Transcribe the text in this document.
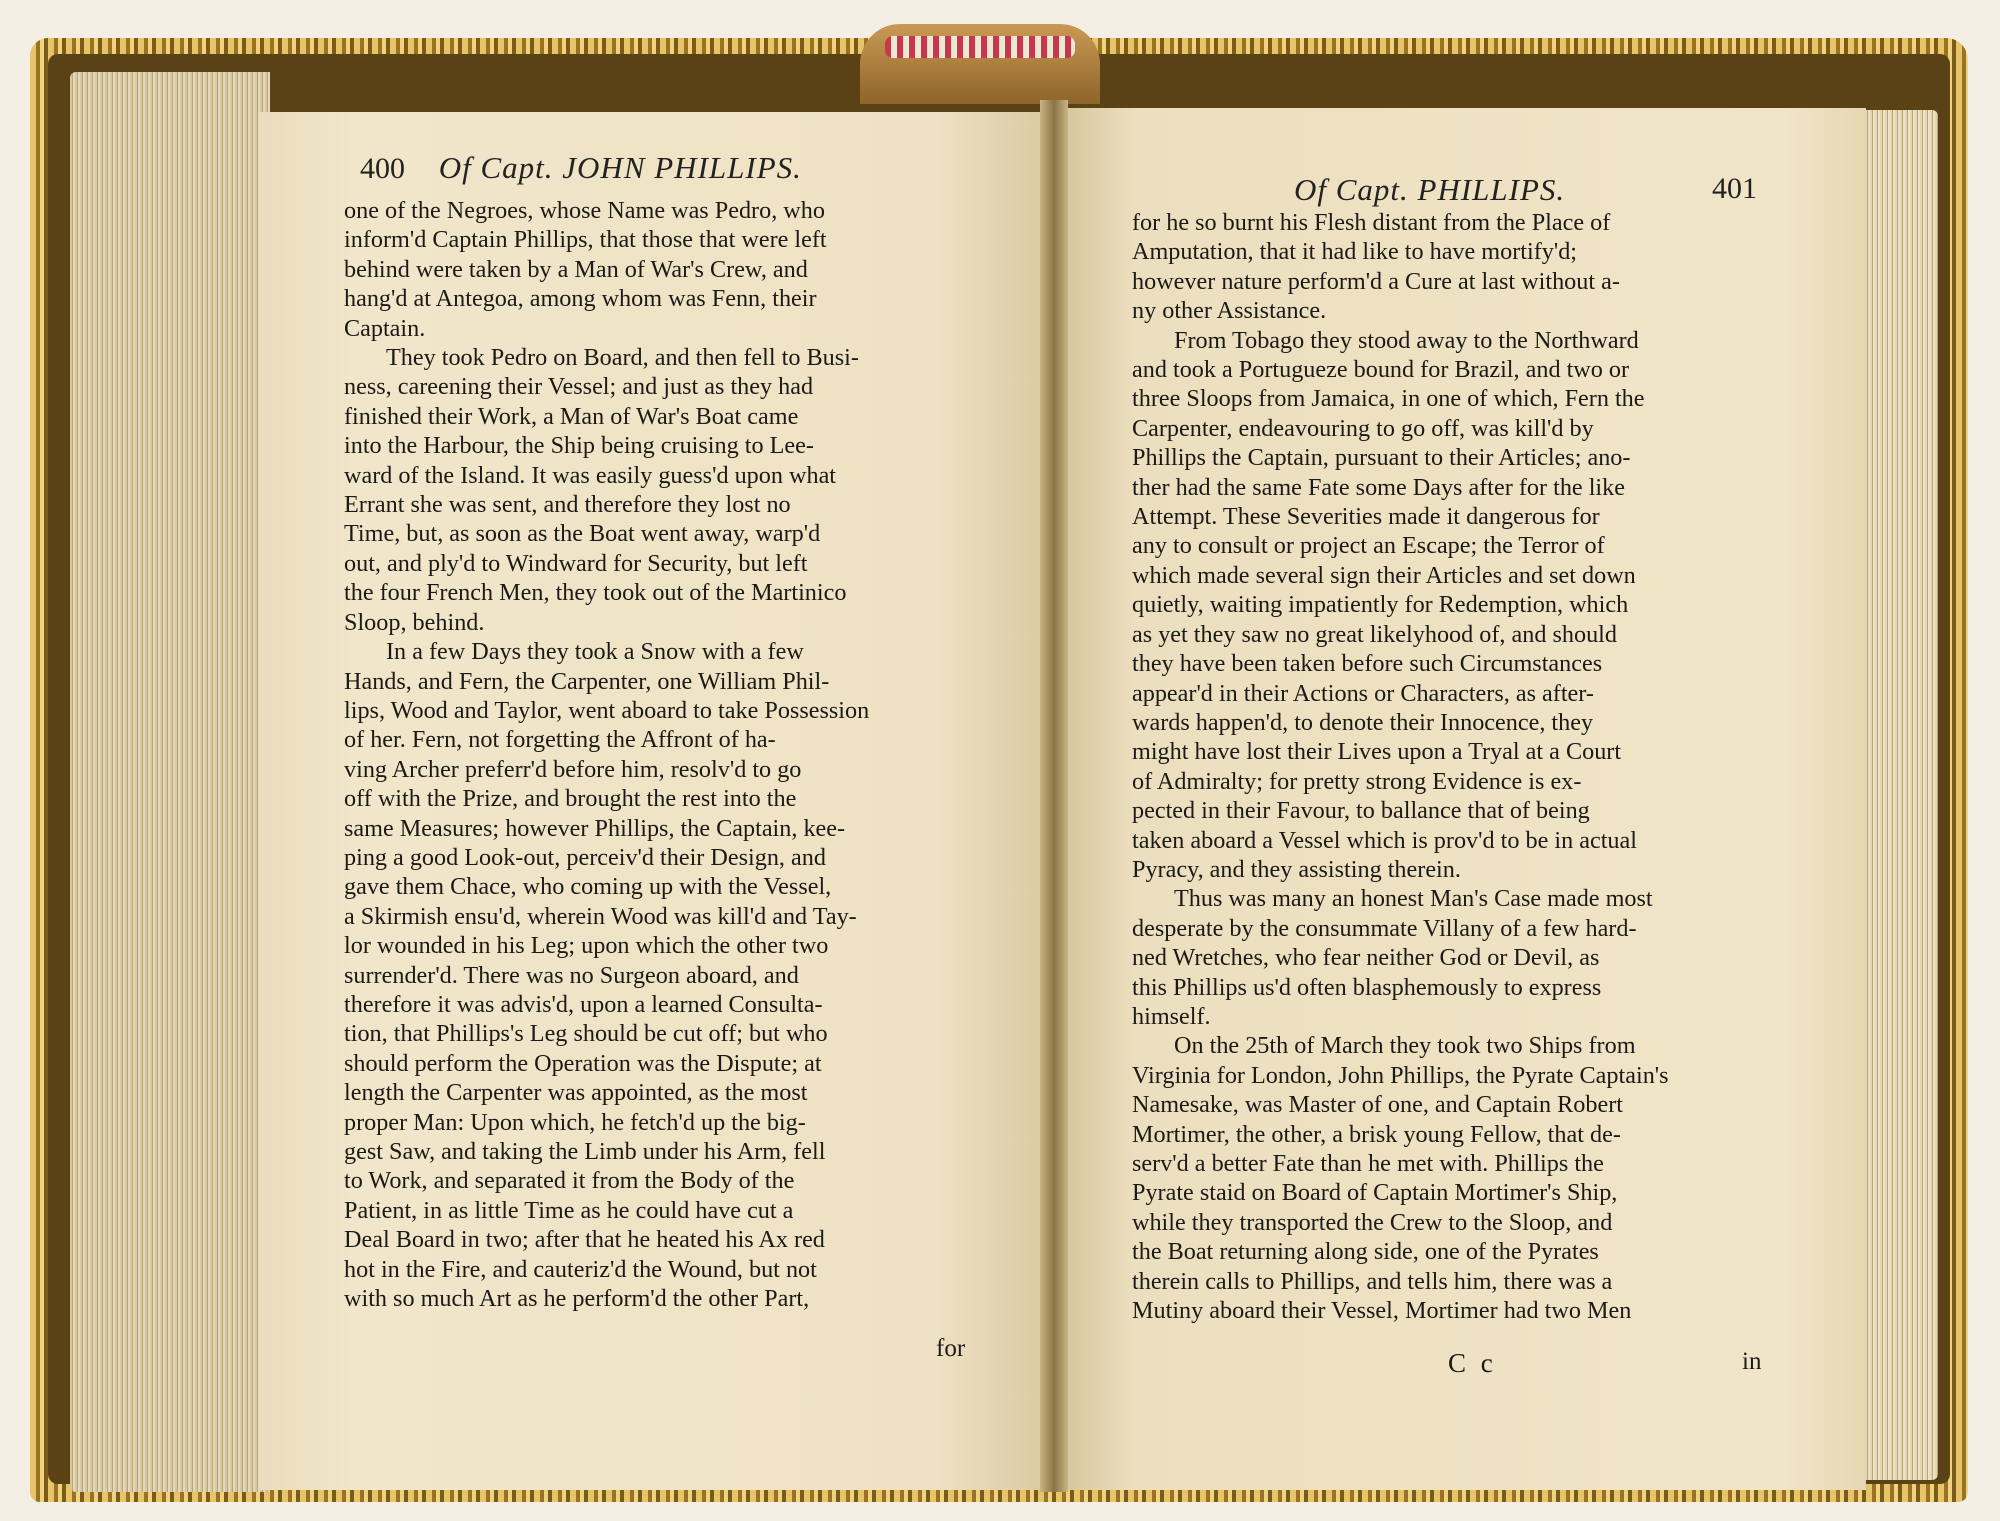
400 Of Capt. JOHN PHILLIPS.
Of Capt. PHILLIPS.	401

one of the Negroes, whose Name was Pedro, who

inform'd Captain Phillips, that those that were left

behind were taken by a Man of War's Crew, and

hang'd at Antegoa, among whom was Fenn, their

Captain.

They took Pedro on Board, and then fell to Busi-

ness, careening their Vessel; and just as they had

finished their Work, a Man of War's Boat came

into the Harbour, the Ship being cruising to Lee-

ward of the Island. It was easily guess'd upon what

Errant she was sent, and therefore they lost no

Time, but, as soon as the Boat went away, warp'd

out, and ply'd to Windward for Security, but left

the four French Men, they took out of the Martinico

Sloop, behind.

In a few Days they took a Snow with a few

Hands, and Fern, the Carpenter, one William Phil-

lips, Wood and Taylor, went aboard to take Possession

of her. Fern, not forgetting the Affront of ha-

ving Archer preferr'd before him, resolv'd to go

off with the Prize, and brought the rest into the

same Measures; however Phillips, the Captain, kee-

ping a good Look-out, perceiv'd their Design, and

gave them Chace, who coming up with the Vessel,

a Skirmish ensu'd, wherein Wood was kill'd and Tay-

lor wounded in his Leg; upon which the other two

surrender'd. There was no Surgeon aboard, and

therefore it was advis'd, upon a learned Consulta-

tion, that Phillips's Leg should be cut off; but who

should perform the Operation was the Dispute; at

length the Carpenter was appointed, as the most

proper Man: Upon which, he fetch'd up the big-

gest Saw, and taking the Limb under his Arm, fell

to Work, and separated it from the Body of the

Patient, in as little Time as he could have cut a

Deal Board in two; after that he heated his Ax red

hot in the Fire, and cauteriz'd the Wound, but not

with so much Art as he perform'd the other Part,

for

for he so burnt his Flesh distant from the Place of

Amputation, that it had like to have mortify'd;

however nature perform'd a Cure at last without a-

ny other Assistance.

From Tobago they stood away to the Northward

and took a Portugueze bound for Brazil, and two or

three Sloops from Jamaica, in one of which, Fern the

Carpenter, endeavouring to go off, was kill'd by

Phillips the Captain, pursuant to their Articles; ano-

ther had the same Fate some Days after for the like

Attempt. These Severities made it dangerous for

any to consult or project an Escape; the Terror of

which made several sign their Articles and set down

quietly, waiting impatiently for Redemption, which

as yet they saw no great likelyhood of, and should

they have been taken before such Circumstances

appear'd in their Actions or Characters, as after-

wards happen'd, to denote their Innocence, they

might have lost their Lives upon a Tryal at a Court

of Admiralty; for pretty strong Evidence is ex-

pected in their Favour, to ballance that of being

taken aboard a Vessel which is prov'd to be in actual

Pyracy, and they assisting therein.

Thus was many an honest Man's Case made most

desperate by the consummate Villany of a few hard-

ned Wretches, who fear neither God or Devil, as

this Phillips us'd often blasphemously to express

himself.

On the 25th of March they took two Ships from

Virginia for London, John Phillips, the Pyrate Captain's

Namesake, was Master of one, and Captain Robert

Mortimer, the other, a brisk young Fellow, that de-

serv'd a better Fate than he met with. Phillips the

Pyrate staid on Board of Captain Mortimer's Ship,

while they transported the Crew to the Sloop, and

the Boat returning along side, one of the Pyrates

therein calls to Phillips, and tells him, there was a

Mutiny aboard their Vessel, Mortimer had two Men

C c	in
